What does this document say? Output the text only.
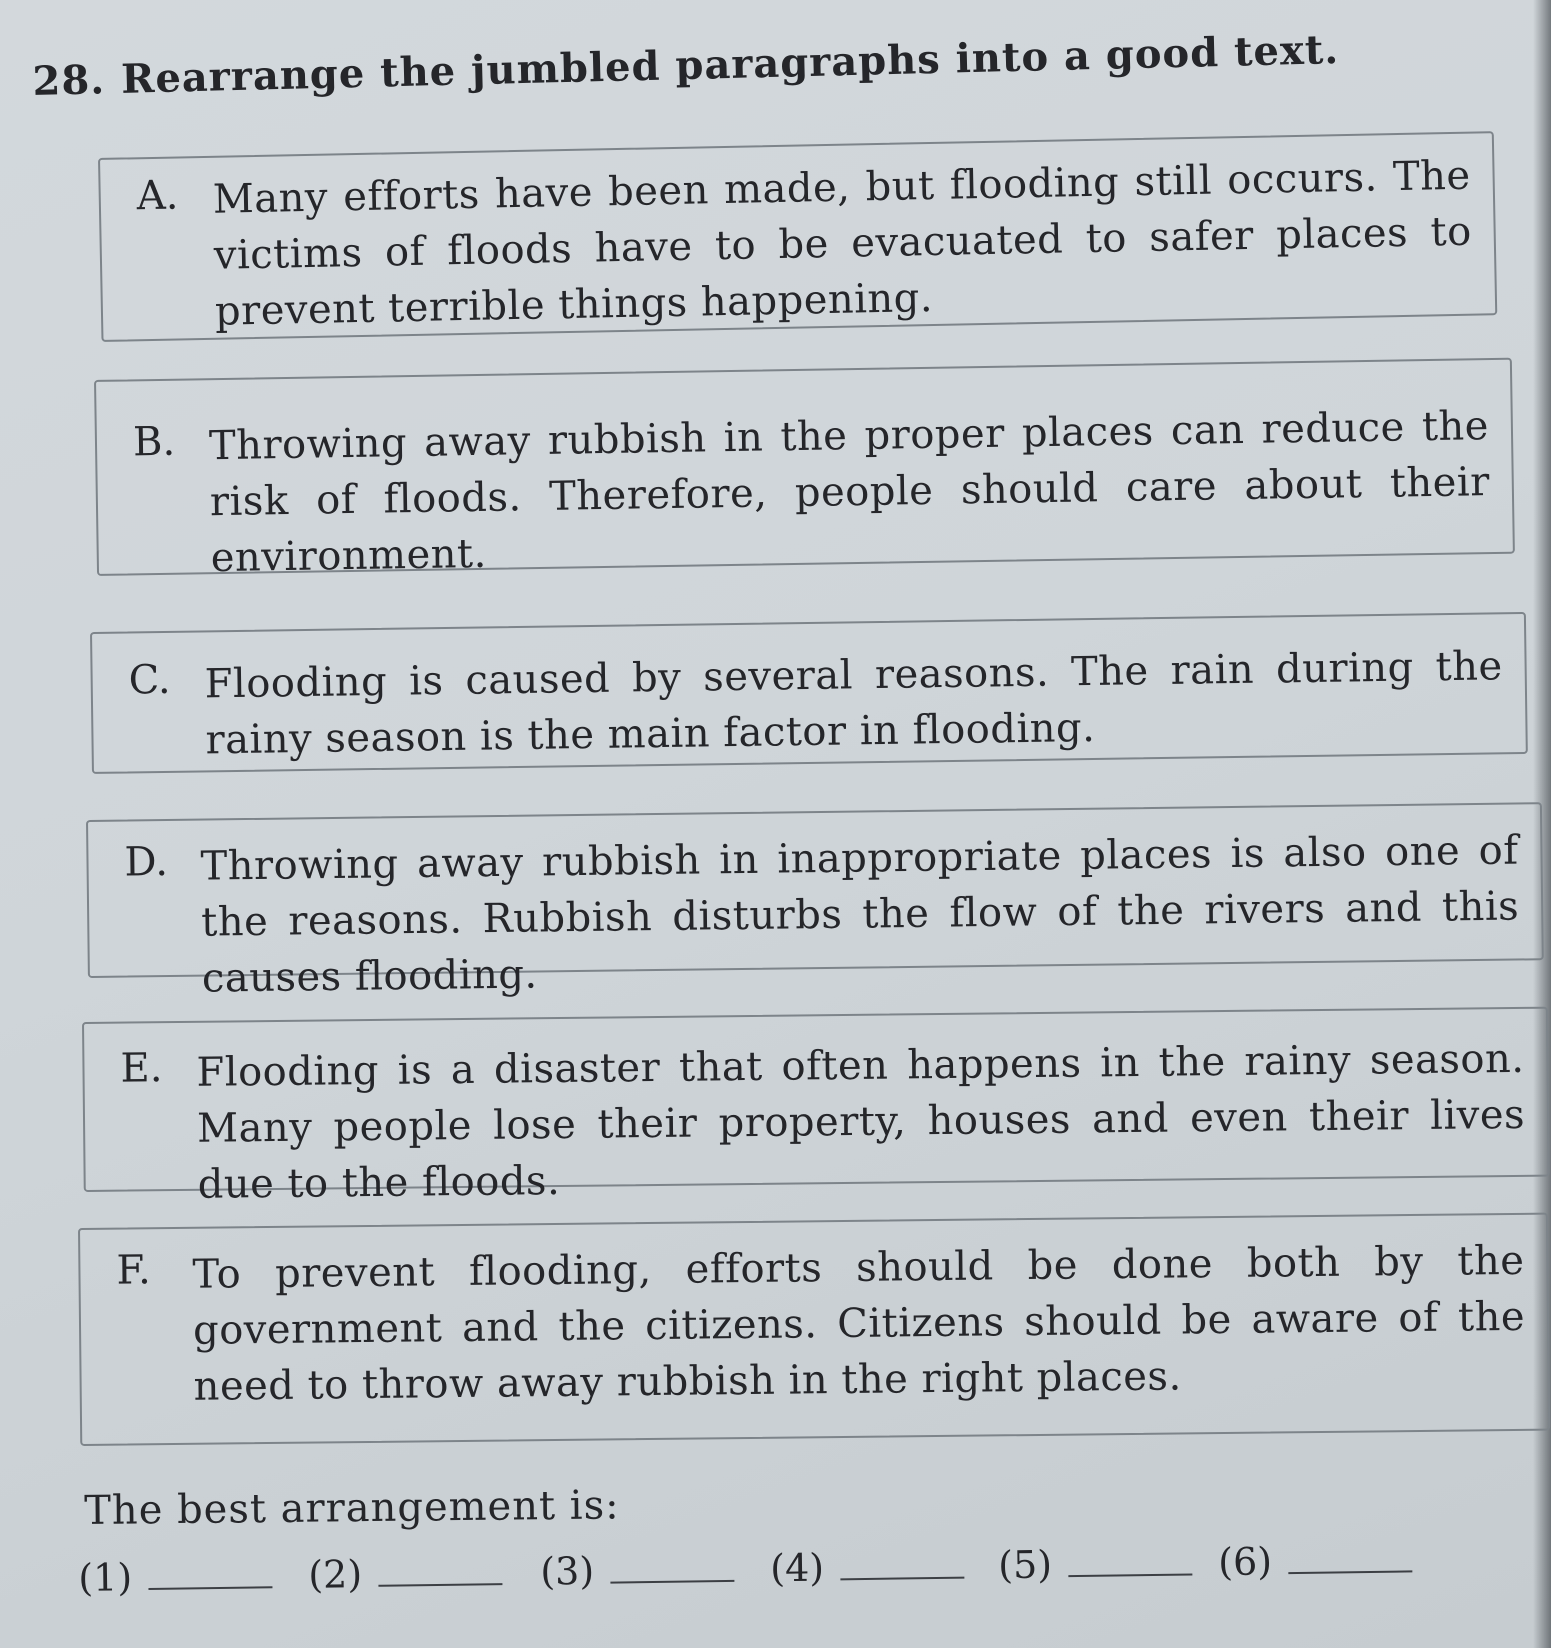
28. Rearrange the jumbled paragraphs into a good text.
A. Many efforts have been made, but flooding still occurs. The victims of floods have to be evacuated to safer places to prevent terrible things happening.
B. Throwing away rubbish in the proper places can reduce the risk of floods. Therefore, people should care about their environment.
C. Flooding is caused by several reasons. The rain during the rainy season is the main factor in flooding.
D. Throwing away rubbish in inappropriate places is also one of the reasons. Rubbish disturbs the flow of the rivers and this causes flooding.
E. Flooding is a disaster that often happens in the rainy season. Many people lose their property, houses and even their lives due to the floods.
F. To prevent flooding, efforts should be done both by the government and the citizens. Citizens should be aware of the need to throw away rubbish in the right places.
The best arrangement is:
(1)	(2)	(3)	(4)	(5)	(6)
